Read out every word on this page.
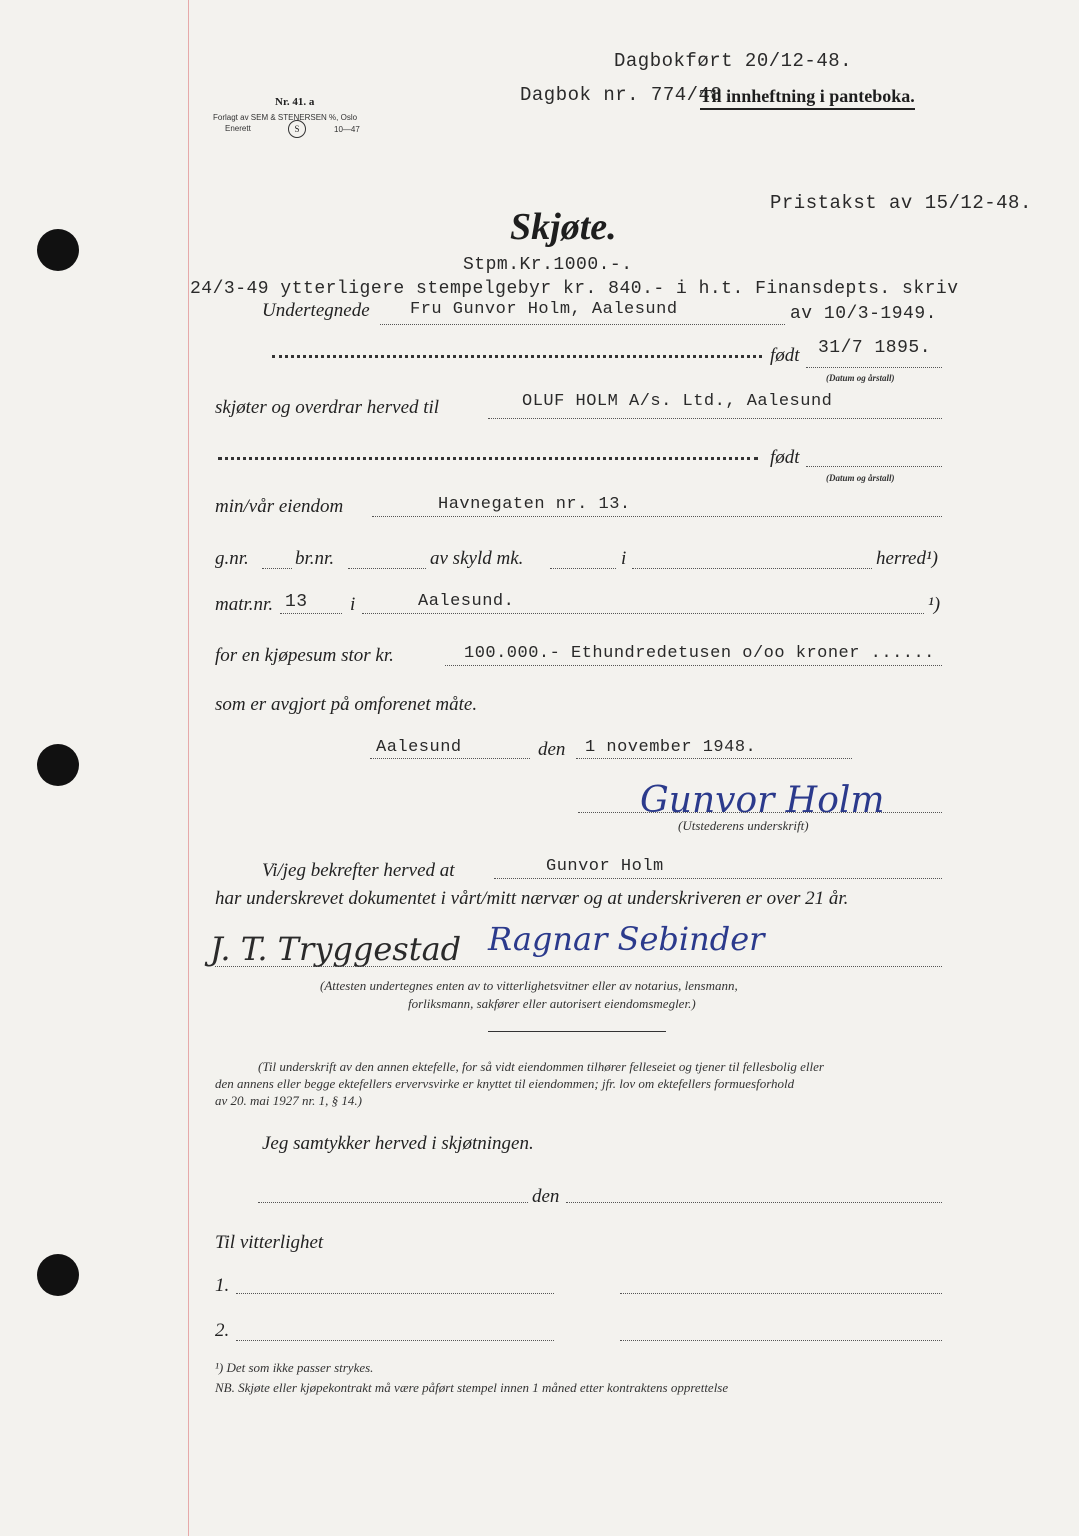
Dagbokført 20/12-48.
Dagbok nr. 774/48
Til innheftning i panteboka.
Pristakst av 15/12-48.
Nr. 41. a
Forlagt av SEM & STENERSEN %, Oslo
Enerett	S	10—47
Skjøte.
Stpm.Kr.1000.-.
24/3-49 ytterligere stempelgebyr kr. 840.- i h.t. Finansdepts. skriv
Undertegnede Fru Gunvor Holm, Aalesund	av 10/3-1949.
født 31/7 1895.
(Datum og årstall)
skjøter og overdrar herved til	OLUF HOLM A/s. Ltd., Aalesund
født
(Datum og årstall)
min/vår eiendom	Havnegaten nr. 13.
g.nr. br.nr.	av skyld mk.	i	herred¹)
matr.nr. 13 i	Aalesund.	¹)
for en kjøpesum stor kr.	100.000.- Ethundredetusen o/oo kroner ......
som er avgjort på omforenet måte.
Aalesund	den 1 november 1948.
Gunvor Holm
(Utstederens underskrift)
Vi/jeg bekrefter herved at	Gunvor Holm
har underskrevet dokumentet i vårt/mitt nærvær og at underskriveren er over 21 år.
J. T. Tryggestad Ragnar Sebinder
(Attesten undertegnes enten av to vitterlighetsvitner eller av notarius, lensmann,
forliksmann, sakfører eller autorisert eiendomsmegler.)
(Til underskrift av den annen ektefelle, for så vidt eiendommen tilhører felleseiet og tjener til fellesbolig eller
den annens eller begge ektefellers ervervsvirke er knyttet til eiendommen; jfr. lov om ektefellers formuesforhold
av 20. mai 1927 nr. 1, § 14.)
Jeg samtykker herved i skjøtningen.
den
Til vitterlighet
1.
2.
¹) Det som ikke passer strykes.
NB. Skjøte eller kjøpekontrakt må være påført stempel innen 1 måned etter kontraktens opprettelse
